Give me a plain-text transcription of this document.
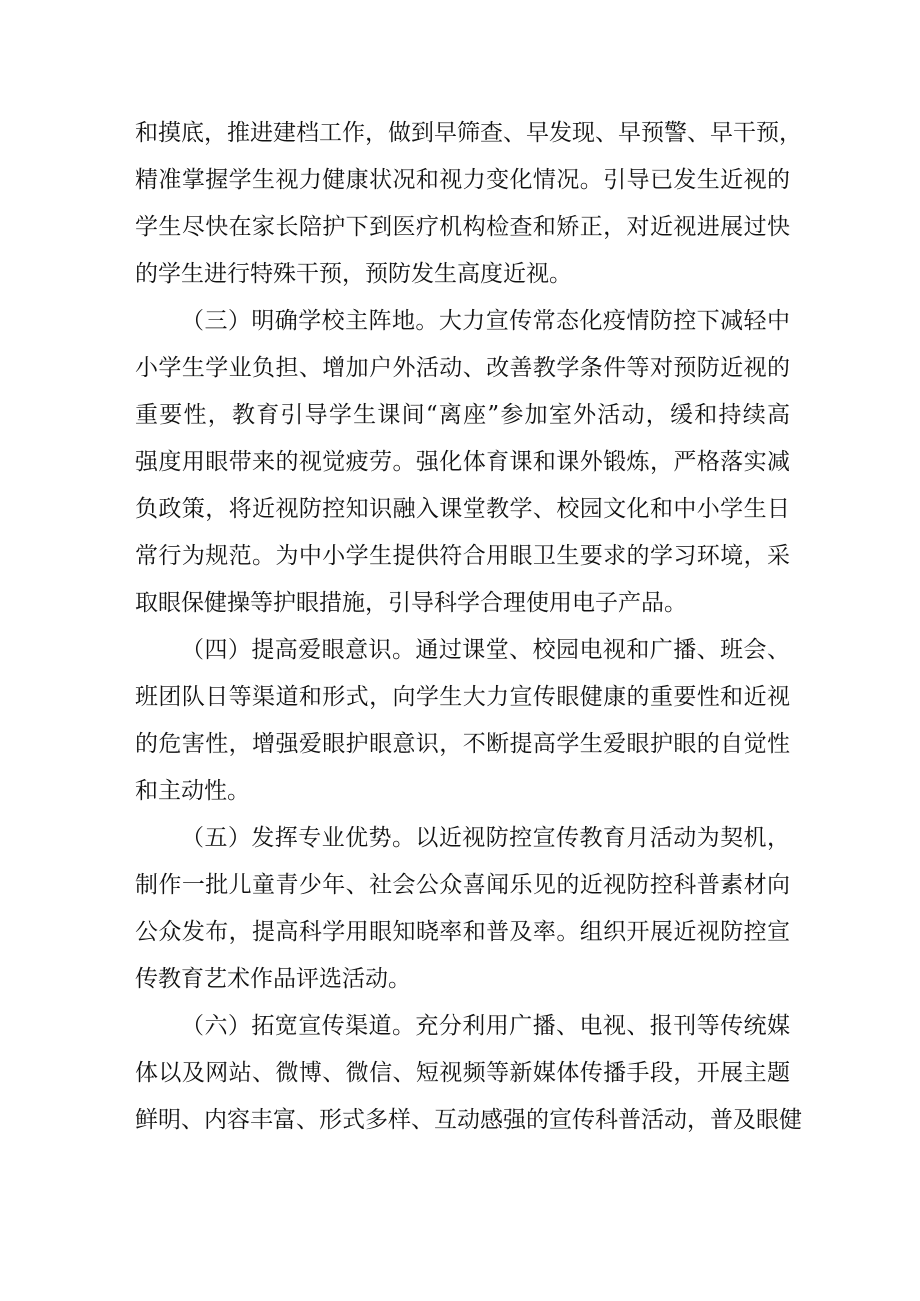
和摸底，推进建档工作，做到早筛查、早发现、早预警、早干预，
精准掌握学生视力健康状况和视力变化情况。引导已发生近视的
学生尽快在家长陪护下到医疗机构检查和矫正，对近视进展过快
的学生进行特殊干预，预防发生高度近视。
（三）明确学校主阵地。大力宣传常态化疫情防控下减轻中
小学生学业负担、增加户外活动、改善教学条件等对预防近视的
重要性，教育引导学生课间“离座”参加室外活动，缓和持续高
强度用眼带来的视觉疲劳。强化体育课和课外锻炼，严格落实减
负政策，将近视防控知识融入课堂教学、校园文化和中小学生日
常行为规范。为中小学生提供符合用眼卫生要求的学习环境，采
取眼保健操等护眼措施，引导科学合理使用电子产品。
（四）提高爱眼意识。通过课堂、校园电视和广播、班会、
班团队日等渠道和形式，向学生大力宣传眼健康的重要性和近视
的危害性，增强爱眼护眼意识，不断提高学生爱眼护眼的自觉性
和主动性。
（五）发挥专业优势。以近视防控宣传教育月活动为契机，
制作一批儿童青少年、社会公众喜闻乐见的近视防控科普素材向
公众发布，提高科学用眼知晓率和普及率。组织开展近视防控宣
传教育艺术作品评选活动。
（六）拓宽宣传渠道。充分利用广播、电视、报刊等传统媒
体以及网站、微博、微信、短视频等新媒体传播手段，开展主题
鲜明、内容丰富、形式多样、互动感强的宣传科普活动，普及眼健
